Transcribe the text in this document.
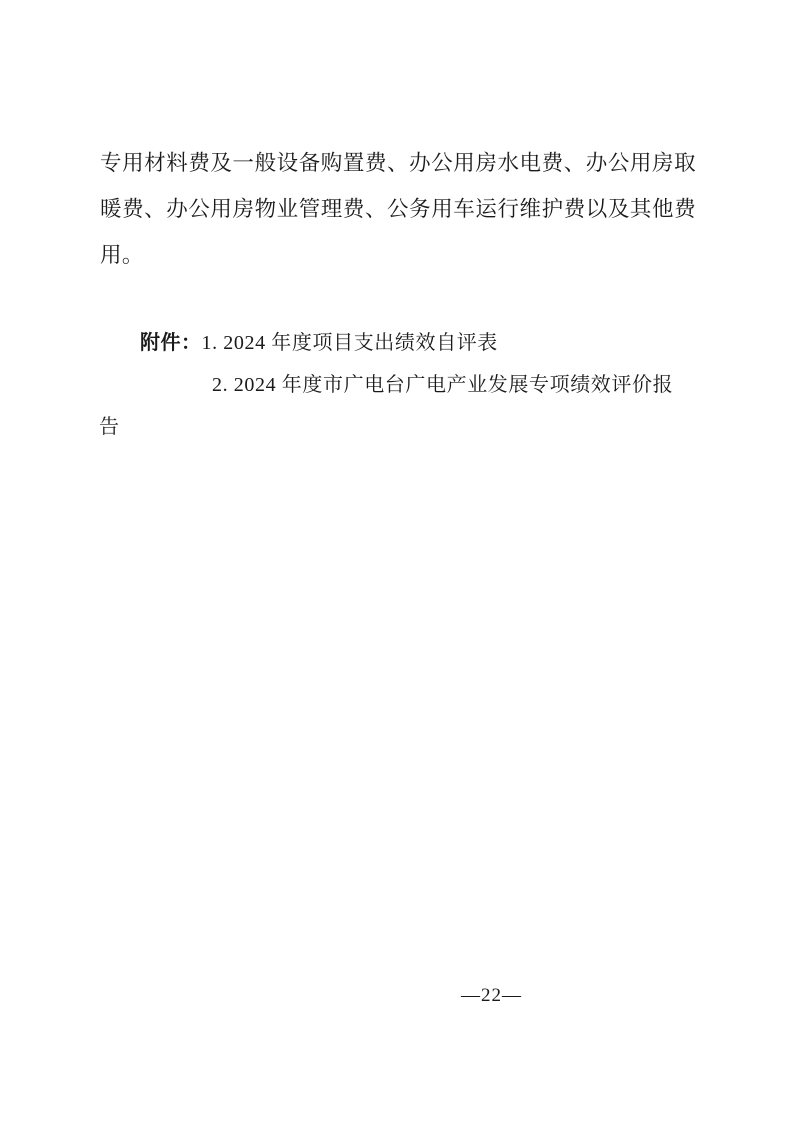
专用材料费及一般设备购置费、办公用房水电费、办公用房取暖费、办公用房物业管理费、公务用车运行维护费以及其他费用。

附件：1. 2024 年度项目支出绩效自评表

2. 2024 年度市广电台广电产业发展专项绩效评价报

告

—22—
